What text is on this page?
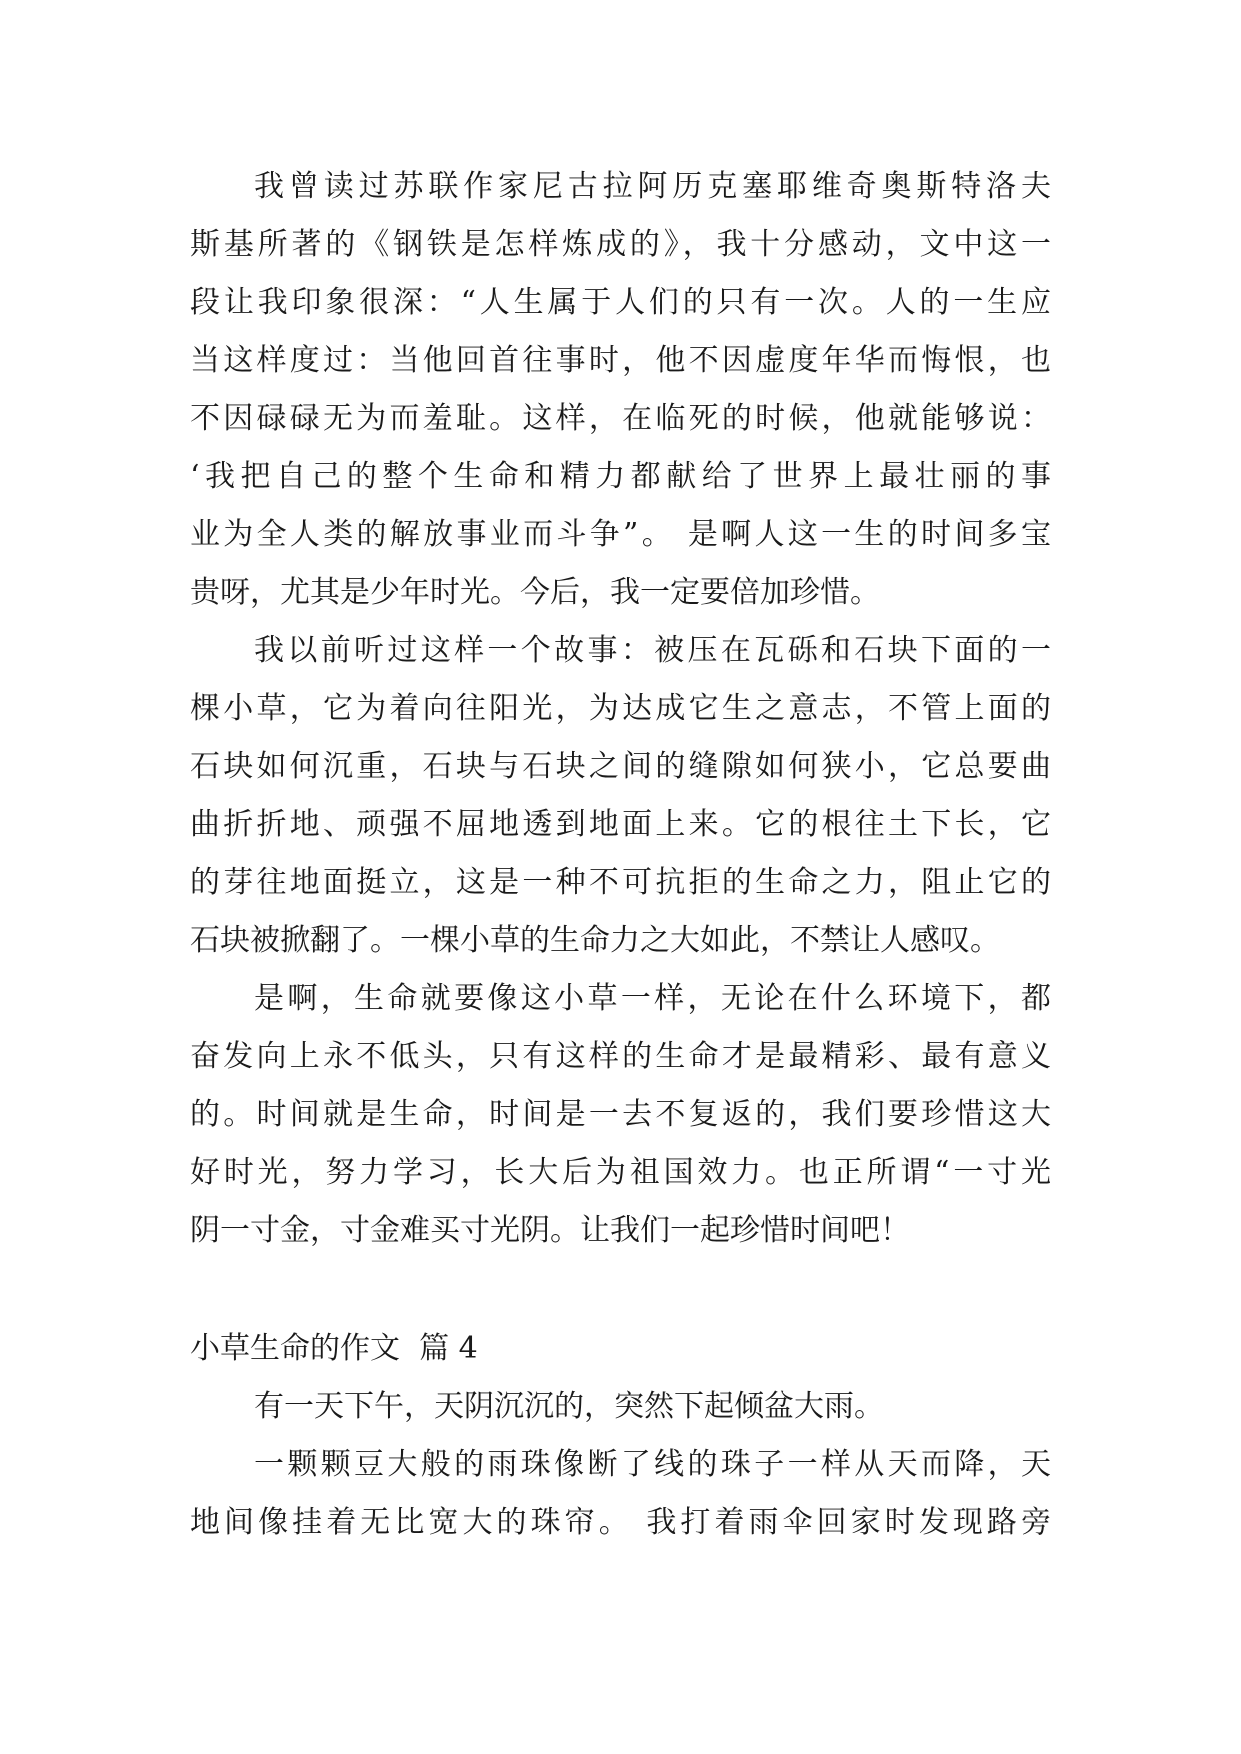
我曾读过苏联作家尼古拉阿历克塞耶维奇奥斯特洛夫
斯基所著的《钢铁是怎样炼成的》，我十分感动，文中这一
段让我印象很深：“人生属于人们的只有一次。人的一生应
当这样度过：当他回首往事时，他不因虚度年华而悔恨，也
不因碌碌无为而羞耻。这样，在临死的时候，他就能够说：
‘我把自己的整个生命和精力都献给了世界上最壮丽的事
业为全人类的解放事业而斗争”。 是啊人这一生的时间多宝
贵呀，尤其是少年时光。今后，我一定要倍加珍惜。
我以前听过这样一个故事：被压在瓦砾和石块下面的一
棵小草，它为着向往阳光，为达成它生之意志，不管上面的
石块如何沉重，石块与石块之间的缝隙如何狭小，它总要曲
曲折折地、顽强不屈地透到地面上来。它的根往土下长，它
的芽往地面挺立，这是一种不可抗拒的生命之力，阻止它的
石块被掀翻了。一棵小草的生命力之大如此，不禁让人感叹。
是啊，生命就要像这小草一样，无论在什么环境下，都
奋发向上永不低头，只有这样的生命才是最精彩、最有意义
的。时间就是生命，时间是一去不复返的，我们要珍惜这大
好时光，努力学习，长大后为祖国效力。也正所谓“一寸光
阴一寸金，寸金难买寸光阴。让我们一起珍惜时间吧！
小草生命的作文  篇 4
有一天下午，天阴沉沉的，突然下起倾盆大雨。
一颗颗豆大般的雨珠像断了线的珠子一样从天而降，天
地间像挂着无比宽大的珠帘。 我打着雨伞回家时发现路旁
